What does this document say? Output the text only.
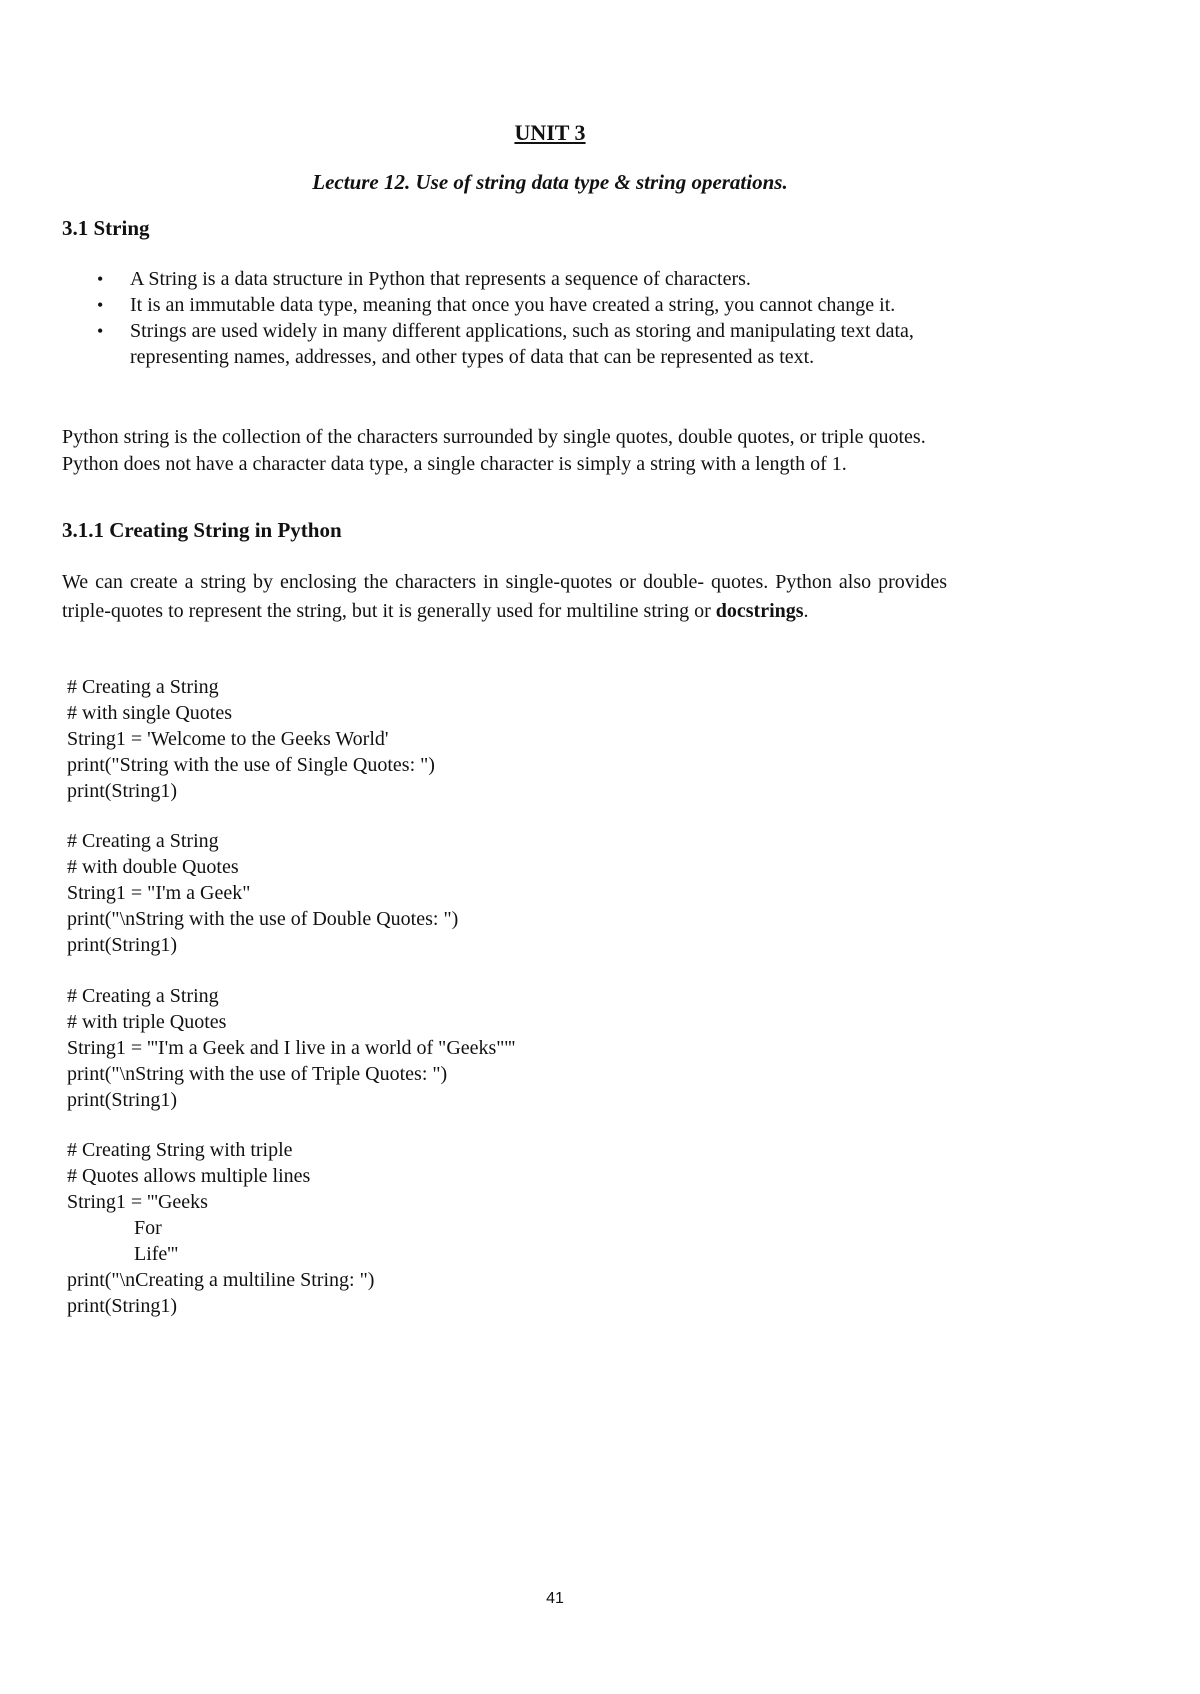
UNIT 3
Lecture 12. Use of string data type & string operations.
3.1 String
• A String is a data structure in Python that represents a sequence of characters.
• It is an immutable data type, meaning that once you have created a string, you cannot change it.
• Strings are used widely in many different applications, such as storing and manipulating text data, representing names, addresses, and other types of data that can be represented as text.

Python string is the collection of the characters surrounded by single quotes, double quotes, or triple quotes. Python does not have a character data type, a single character is simply a string with a length of 1.

3.1.1 Creating String in Python

We can create a string by enclosing the characters in single-quotes or double- quotes. Python also provides triple-quotes to represent the string, but it is generally used for multiline string or docstrings.

# Creating a String
# with single Quotes
String1 = 'Welcome to the Geeks World'
print("String with the use of Single Quotes: ")
print(String1)
# Creating a String
# with double Quotes
String1 = "I'm a Geek"
print("\nString with the use of Double Quotes: ")
print(String1)
# Creating a String
# with triple Quotes
String1 = '''I'm a Geek and I live in a world of "Geeks"'''
print("\nString with the use of Triple Quotes: ")
print(String1)
# Creating String with triple
# Quotes allows multiple lines
String1 = '''Geeks
For
Life'''
print("\nCreating a multiline String: ")
print(String1)
41
